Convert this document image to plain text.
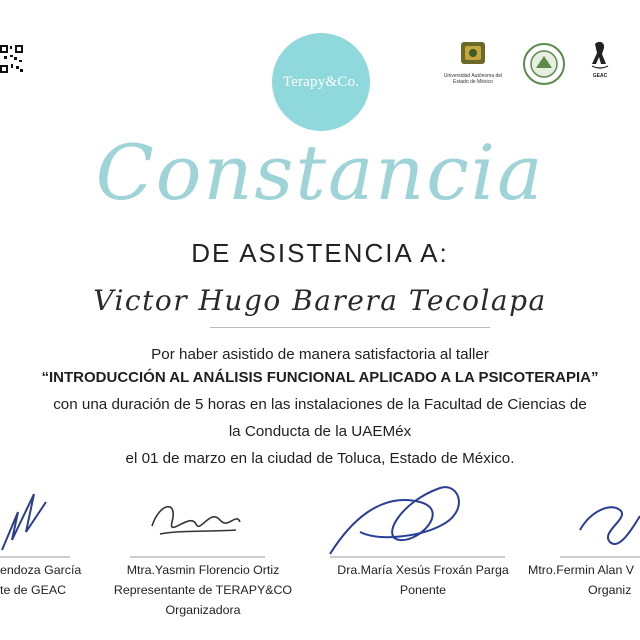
Terapy&Co.	Universidad Autónoma del Estado de México
GEAC
Constancia
DE ASISTENCIA A:
Victor Hugo Barera Tecolapa
Por haber asistido de manera satisfactoria al taller
“INTRODUCCIÓN AL ANÁLISIS FUNCIONAL APLICADO A LA PSICOTERAPIA”
con una duración de 5 horas en las instalaciones de la Facultad de Ciencias de
la Conducta de la UAEMéx
el 01 de marzo en la ciudad de Toluca, Estado de México.
endoza García
te de GEAC
Mtra.Yasmin Florencio Ortiz
Representante de TERAPY&CO
Organizadora
Dra.María Xesús Froxán Parga
Ponente
Mtro.Fermin Alan V
Organiz
